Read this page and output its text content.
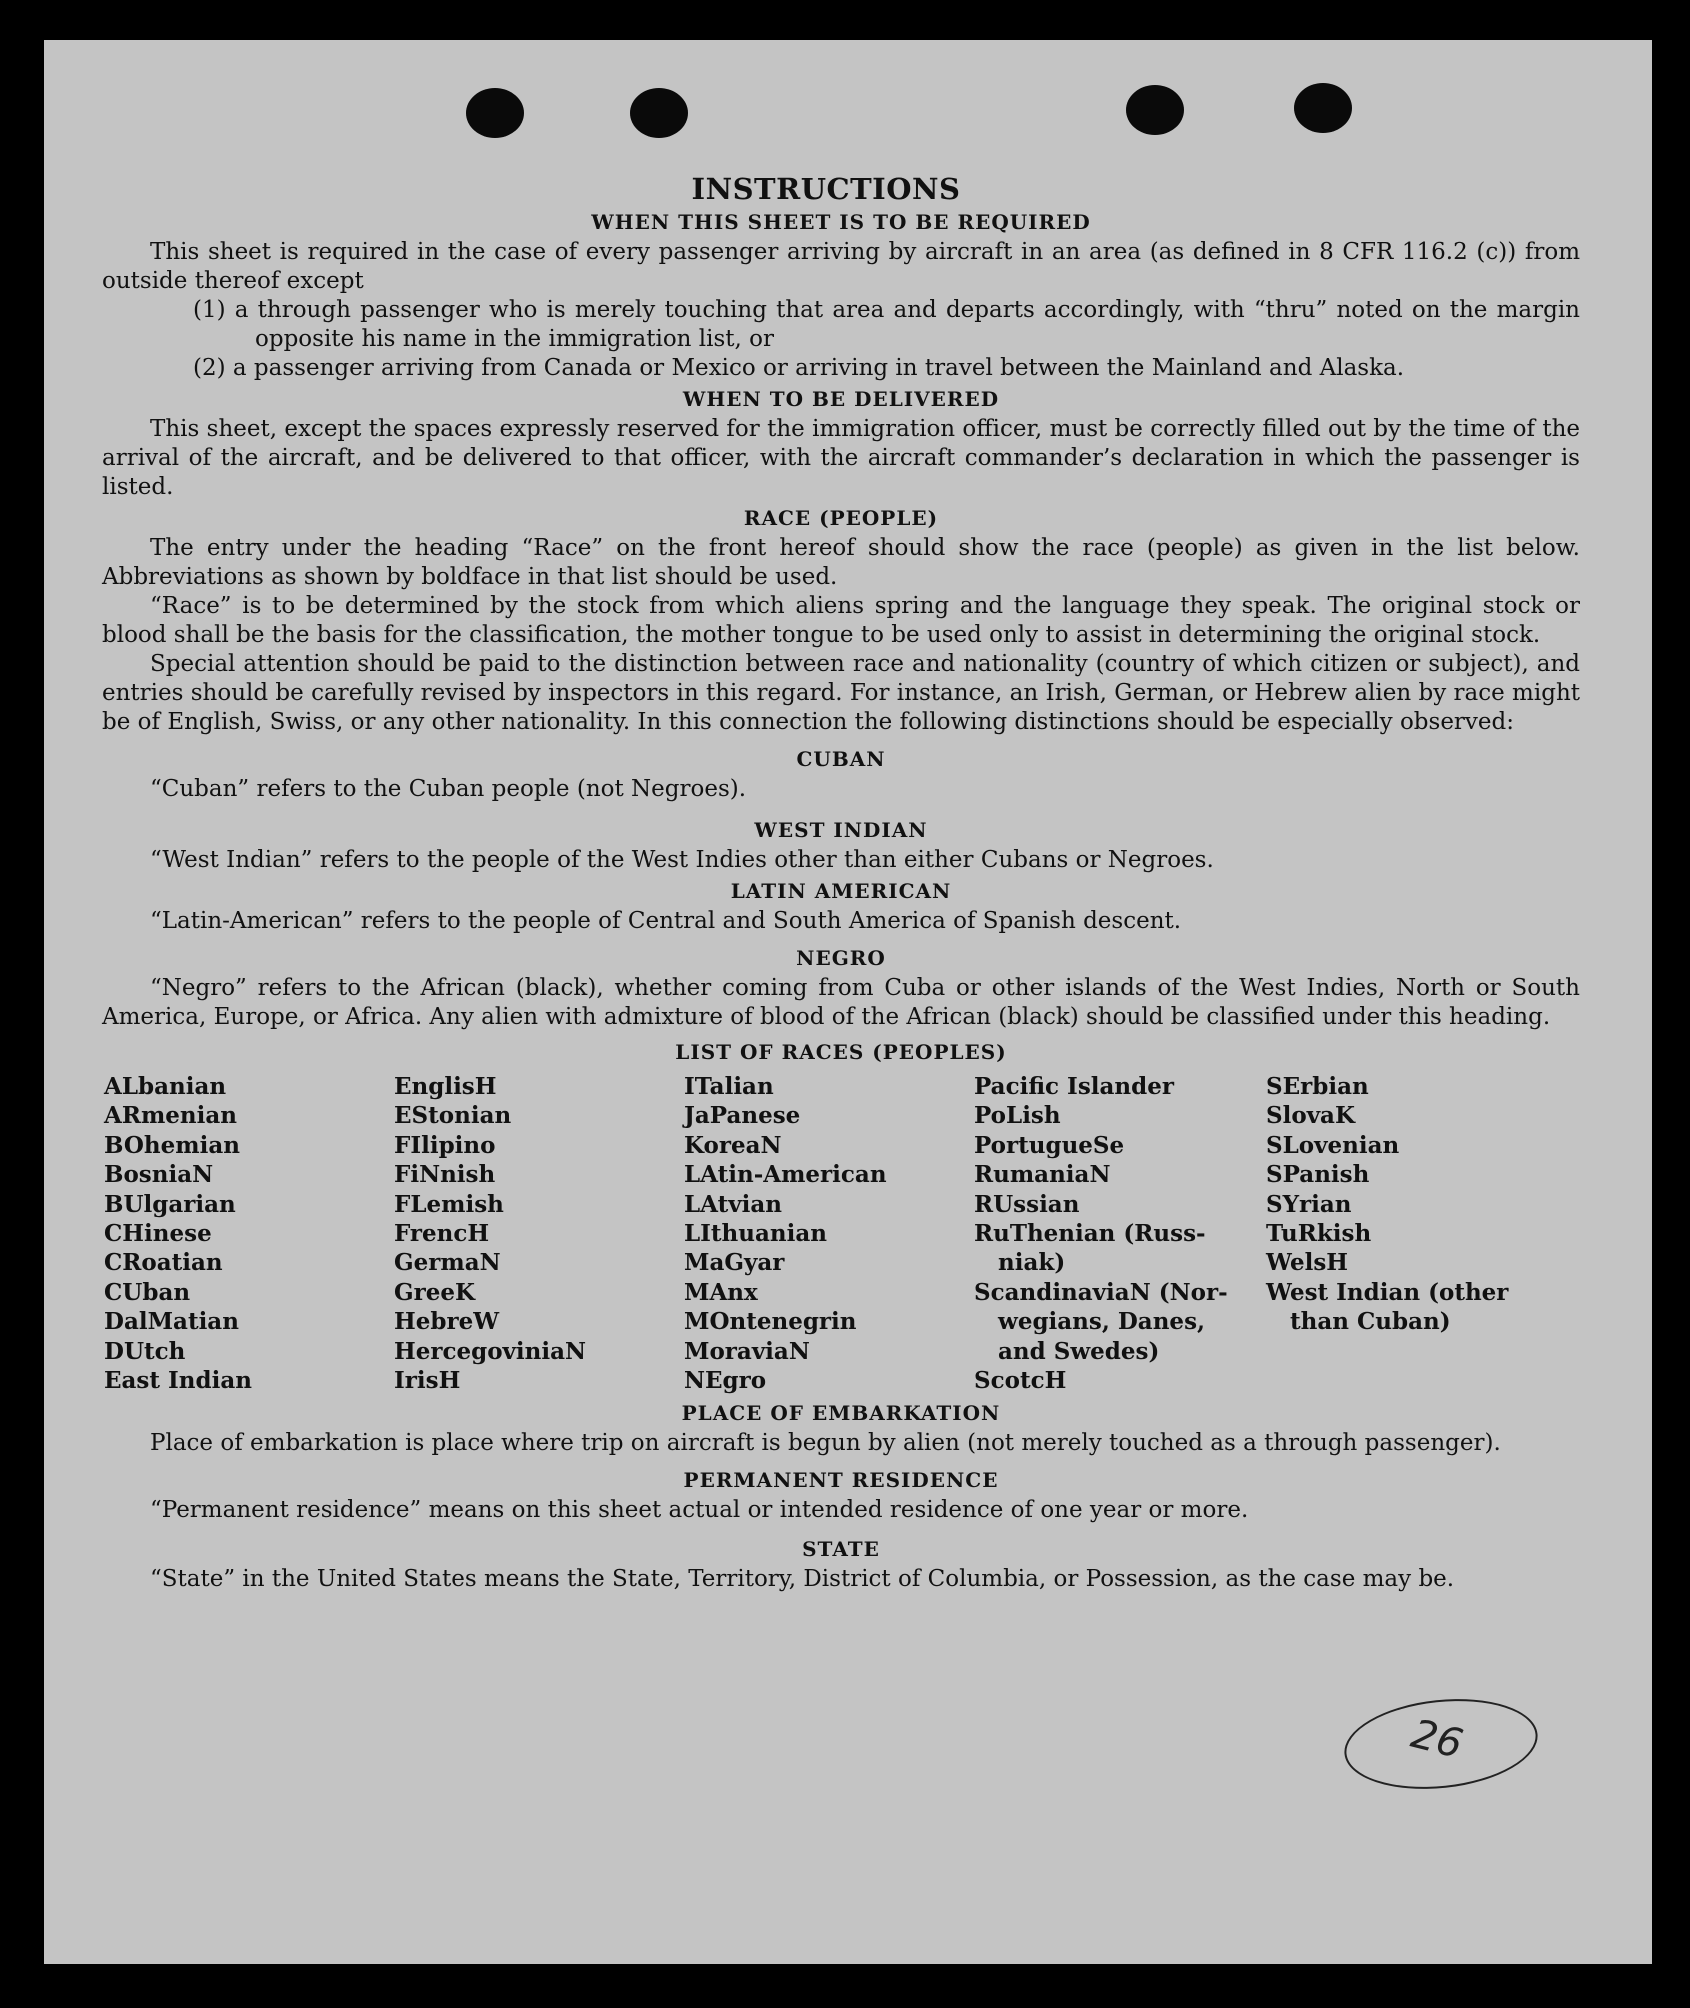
INSTRUCTIONS
WHEN THIS SHEET IS TO BE REQUIRED

This sheet is required in the case of every passenger arriving by aircraft in an area (as defined in 8 CFR 116.2 (c)) from outside thereof except

(1) a through passenger who is merely touching that area and departs accordingly, with “thru” noted on the margin opposite his name in the immigration list, or

(2) a passenger arriving from Canada or Mexico or arriving in travel between the Mainland and Alaska.

WHEN TO BE DELIVERED

This sheet, except the spaces expressly reserved for the immigration officer, must be correctly filled out by the time of the arrival of the aircraft, and be delivered to that officer, with the aircraft commander’s declaration in which the passenger is listed.

RACE (PEOPLE)

The entry under the heading “Race” on the front hereof should show the race (people) as given in the list below. Abbreviations as shown by boldface in that list should be used.

“Race” is to be determined by the stock from which aliens spring and the language they speak. The original stock or blood shall be the basis for the classification, the mother tongue to be used only to assist in determining the original stock.

Special attention should be paid to the distinction between race and nationality (country of which citizen or subject), and entries should be carefully revised by inspectors in this regard. For instance, an Irish, German, or Hebrew alien by race might be of English, Swiss, or any other nationality. In this connection the following distinctions should be especially observed:

CUBAN

“Cuban” refers to the Cuban people (not Negroes).

WEST INDIAN

“West Indian” refers to the people of the West Indies other than either Cubans or Negroes.

LATIN AMERICAN

“Latin-American” refers to the people of Central and South America of Spanish descent.

NEGRO

“Negro” refers to the African (black), whether coming from Cuba or other islands of the West Indies, North or South America, Europe, or Africa. Any alien with admixture of blood of the African (black) should be classified under this heading.

LIST OF RACES (PEOPLES)
ALbanian
ARmenian
BOhemian
BosniaN
BUlgarian
CHinese
CRoatian
CUban
DalMatian
DUtch
East Indian
EnglisH
EStonian
FIlipino
FiNnish
FLemish
FrencH
GermaN
GreeK
HebreW
HercegoviniaN
IrisH
ITalian
JaPanese
KoreaN
LAtin-American
LAtvian
LIthuanian
MaGyar
MAnx
MOntenegrin
MoraviaN
NEgro
Pacific Islander
PoLish
PortugueSe
RumaniaN
RUssian
RuThenian (Russ-
niak)
ScandinaviaN (Nor-
wegians, Danes,
and Swedes)
ScotcH
SErbian
SlovaK
SLovenian
SPanish
SYrian
TuRkish
WelsH
West Indian (other
than Cuban)
PLACE OF EMBARKATION

Place of embarkation is place where trip on aircraft is begun by alien (not merely touched as a through passenger).

PERMANENT RESIDENCE

“Permanent residence” means on this sheet actual or intended residence of one year or more.

STATE

“State” in the United States means the State, Territory, District of Columbia, or Possession, as the case may be.

26
